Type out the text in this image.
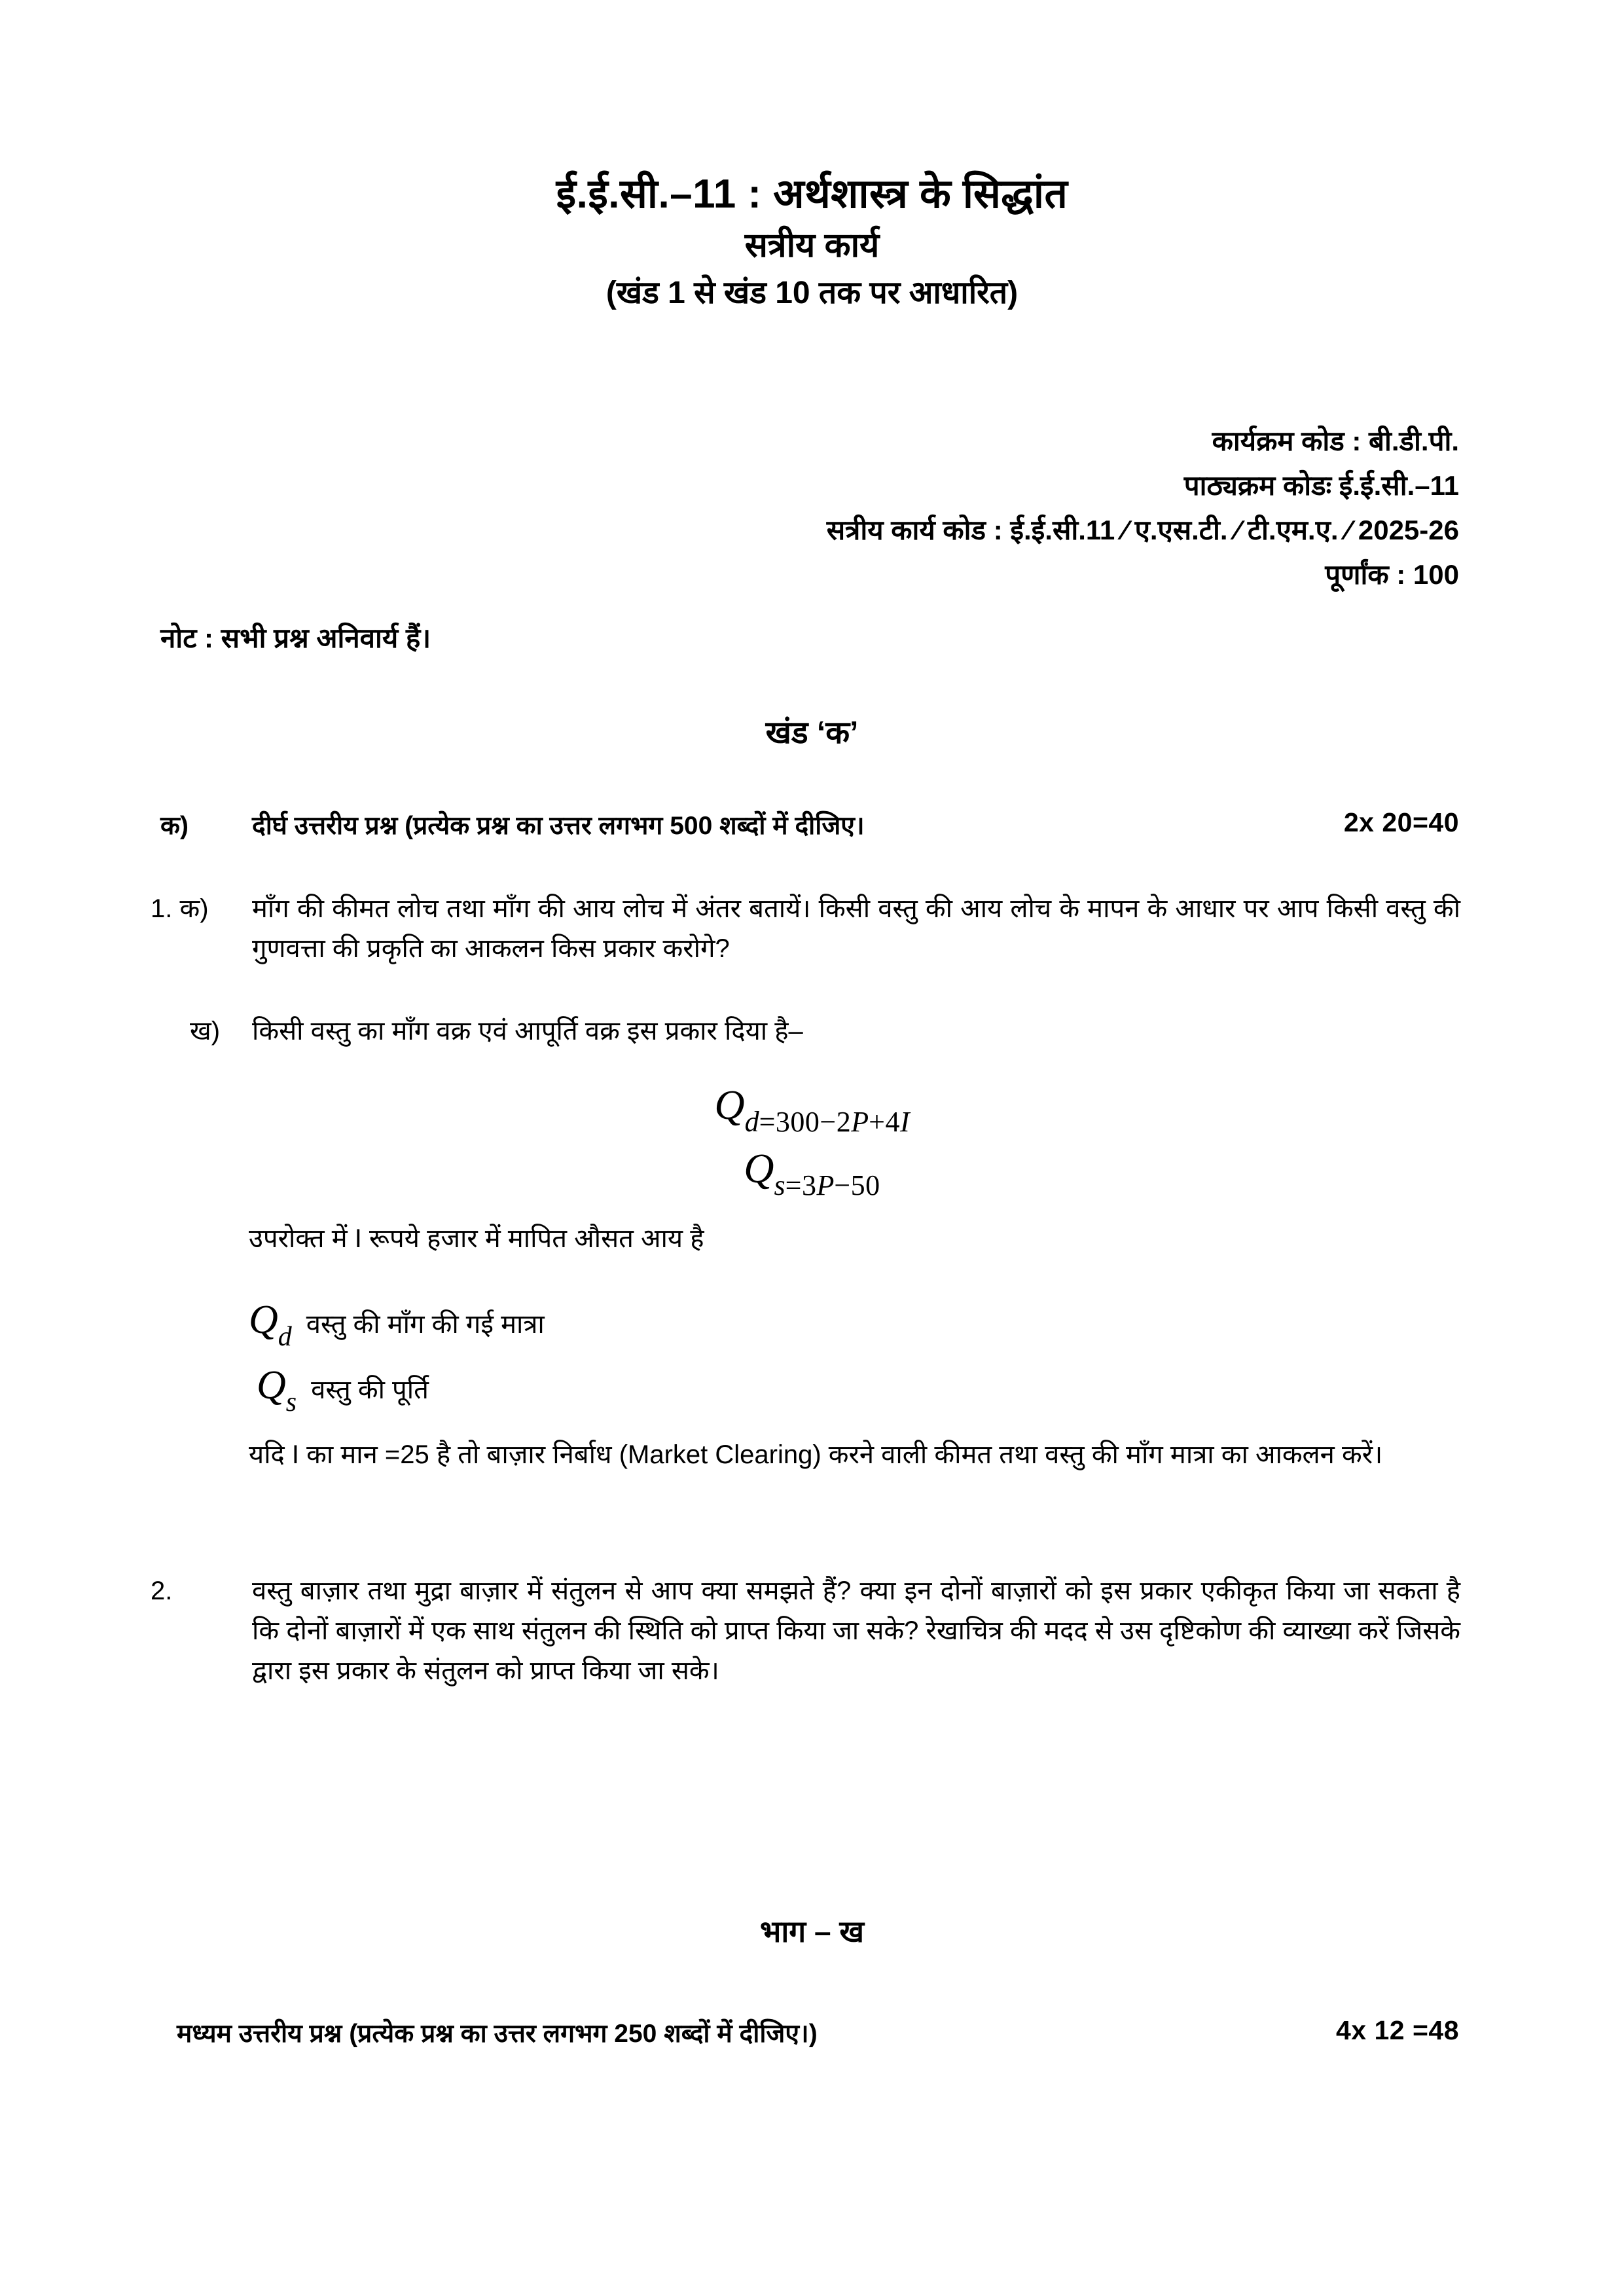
ई.ई.सी.–11 : अर्थशास्त्र के सिद्धांत
सत्रीय कार्य
(खंड 1 से खंड 10 तक पर आधारित)
कार्यक्रम कोड : बी.डी.पी.
पाठ्यक्रम कोडः ई.ई.सी.–11
सत्रीय कार्य कोड : ई.ई.सी.11 ⁄ ए.एस.टी. ⁄ टी.एम.ए. ⁄ 2025-26
पूर्णांक : 100
नोट : सभी प्रश्न अनिवार्य हैं।
खंड ‘क’
2x 20=40
क) दीर्घ उत्तरीय प्रश्न (प्रत्येक प्रश्न का उत्तर लगभग 500 शब्दों में दीजिए।
1. क)	माँग की कीमत लोच तथा माँग की आय लोच में अंतर बतायें। किसी वस्तु की आय लोच के मापन के आधार पर आप किसी वस्तु की गुणवत्ता की प्रकृति का आकलन किस प्रकार करोगे?
ख)	किसी वस्तु का माँग वक्र एवं आपूर्ति वक्र इस प्रकार दिया है–
$Q_{d=300-2P+4I}$
$Q_{s=3P-50}$
उपरोक्त में I रूपये हजार में मापित औसत आय है
$Q_d$ वस्तु की माँग की गई मात्रा
$Q_s$ वस्तु की पूर्ति
यदि I का मान =25 है तो बाज़ार निर्बाध (Market Clearing) करने वाली कीमत तथा वस्तु की माँग मात्रा का आकलन करें।
2.	वस्तु बाज़ार तथा मुद्रा बाज़ार में संतुलन से आप क्या समझते हैं? क्या इन दोनों बाज़ारों को इस प्रकार एकीकृत किया जा सकता है कि दोनों बाज़ारों में एक साथ संतुलन की स्थिति को प्राप्त किया जा सके? रेखाचित्र की मदद से उस दृष्टिकोण की व्याख्या करें जिसके द्वारा इस प्रकार के संतुलन को प्राप्त किया जा सके।
भाग – ख
4x 12 =48
मध्यम उत्तरीय प्रश्न (प्रत्येक प्रश्न का उत्तर लगभग 250 शब्दों में दीजिए।)
